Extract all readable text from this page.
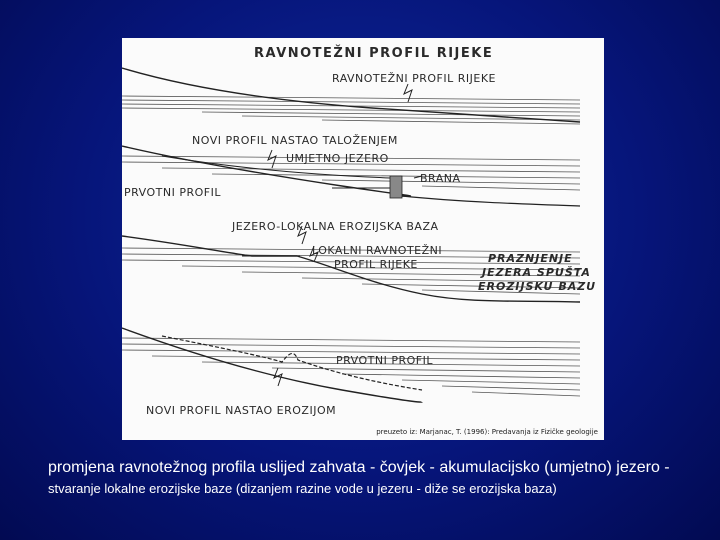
RAVNOTEŽNI PROFIL RIJEKE
RAVNOTEŽNI PROFIL RIJEKE
NOVI PROFIL NASTAO TALOŽENJEM
UMJETNO JEZERO
BRANA
PRVOTNI PROFIL
JEZERO-LOKALNA EROZIJSKA BAZA
LOKALNI RAVNOTEŽNI
PROFIL RIJEKE	PRAZNJENJE
JEZERA SPUŠTA
EROZIJSKU BAZU
PRVOTNI PROFIL
NOVI PROFIL NASTAO EROZIJOM
preuzeto iz: Marjanac, T. (1996): Predavanja iz Fizičke geologije
promjena ravnotežnog profila uslijed zahvata - čovjek - akumulacijsko (umjetno) jezero - stvaranje lokalne erozijske baze (dizanjem razine vode u jezeru - diže se erozijska baza)
